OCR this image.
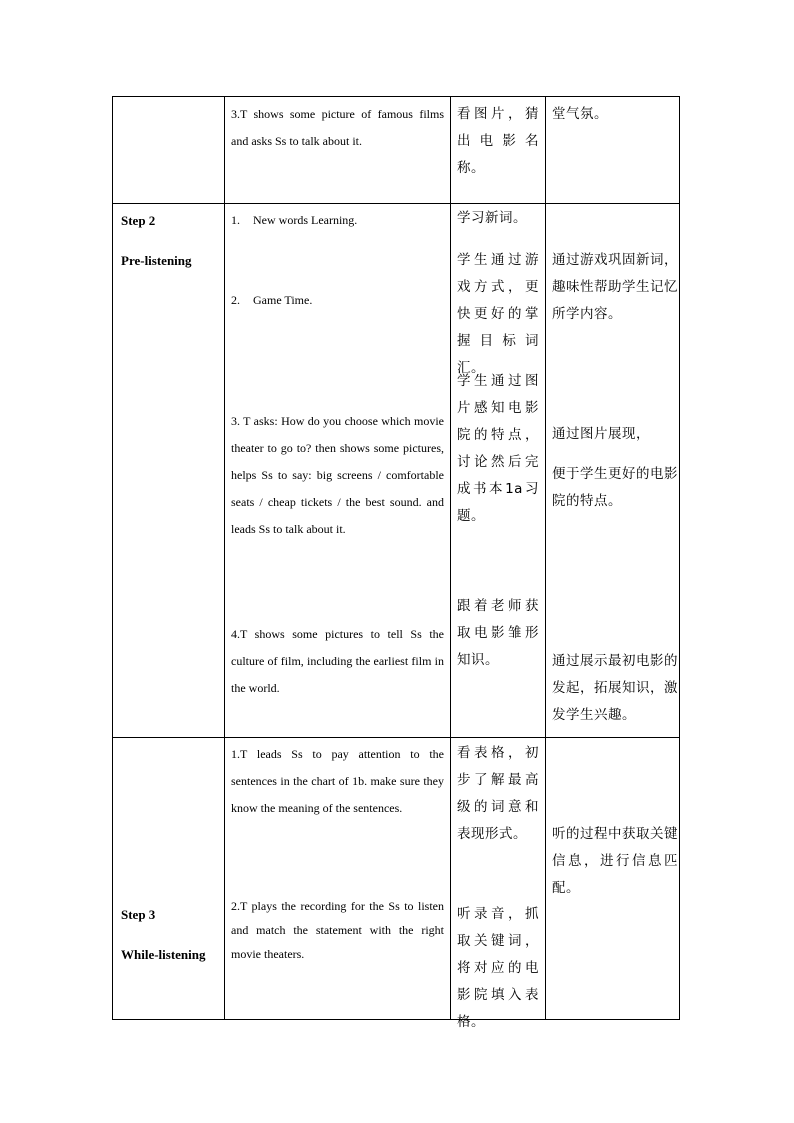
3.T shows some picture of famous films and asks Ss to talk about it.
看图片，猜出电影名称。
堂气氛。
Step 2
Pre-listening
1. New words Learning.
2. Game Time.
3. T asks: How do you choose which movie theater to go to? then shows some pictures, helps Ss to say: big screens / comfortable seats / cheap tickets / the best sound. and leads Ss to talk about it.
4.T shows some pictures to tell Ss the culture of film, including the earliest film in the world.
学习新词。
学生通过游戏方式，更快更好的掌握目标词汇。
学生通过图片感知电影院的特点，讨论然后完成书本1a习题。
跟着老师获取电影雏形知识。
通过游戏巩固新词，趣味性帮助学生记忆所学内容。
通过图片展现，
便于学生更好的电影院的特点。
通过展示最初电影的发起，拓展知识，激发学生兴趣。
Step 3
While-listening
1.T leads Ss to pay attention to the sentences in the chart of 1b. make sure they know the meaning of the sentences.
2.T plays the recording for the Ss to listen and match the statement with the right movie theaters.
看表格，初步了解最高级的词意和表现形式。
听录音，抓取关键词，将对应的电影院填入表格。
听的过程中获取关键信息，进行信息匹配。
